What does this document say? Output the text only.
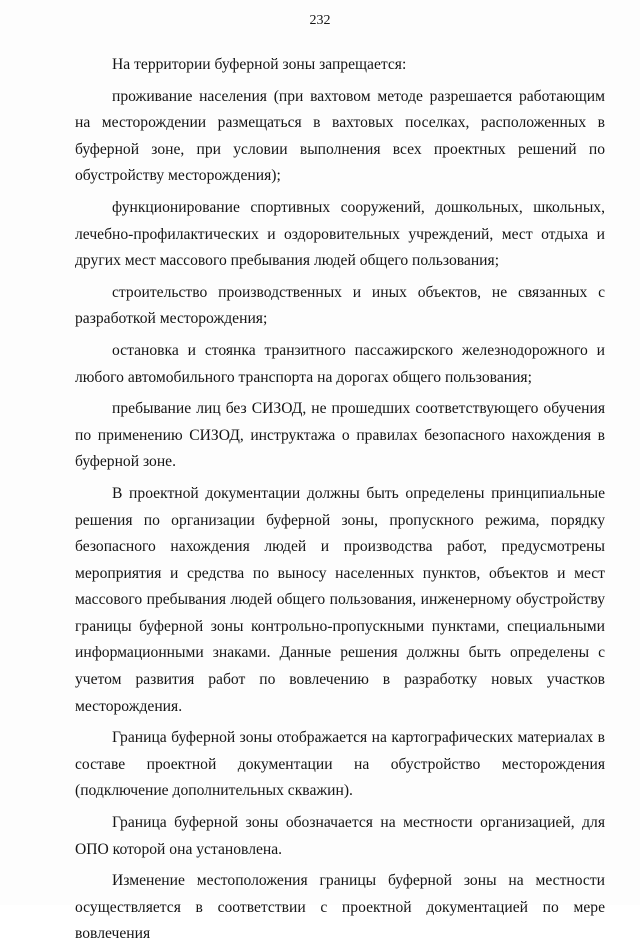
232

На территории буферной зоны запрещается:

проживание населения (при вахтовом методе разрешается работающим на месторождении размещаться в вахтовых поселках, расположенных в буферной зоне, при условии выполнения всех проектных решений по обустройству месторождения);

функционирование спортивных сооружений, дошкольных, школьных, лечебно-профилактических и оздоровительных учреждений, мест отдыха и других мест массового пребывания людей общего пользования;

строительство производственных и иных объектов, не связанных с разработкой месторождения;

остановка и стоянка транзитного пассажирского железнодорожного и любого автомобильного транспорта на дорогах общего пользования;

пребывание лиц без СИЗОД, не прошедших соответствующего обучения по применению СИЗОД, инструктажа о правилах безопасного нахождения в буферной зоне.

В проектной документации должны быть определены принципиальные решения по организации буферной зоны, пропускного режима, порядку безопасного нахождения людей и производства работ, предусмотрены мероприятия и средства по выносу населенных пунктов, объектов и мест массового пребывания людей общего пользования, инженерному обустройству границы буферной зоны контрольно-пропускными пунктами, специальными информационными знаками. Данные решения должны быть определены с учетом развития работ по вовлечению в разработку новых участков месторождения.

Граница буферной зоны отображается на картографических материалах в составе проектной документации на обустройство месторождения (подключение дополнительных скважин).

Граница буферной зоны обозначается на местности организацией, для ОПО которой она установлена.

Изменение местоположения границы буферной зоны на местности осуществляется в соответствии с проектной документацией по мере вовлечения
